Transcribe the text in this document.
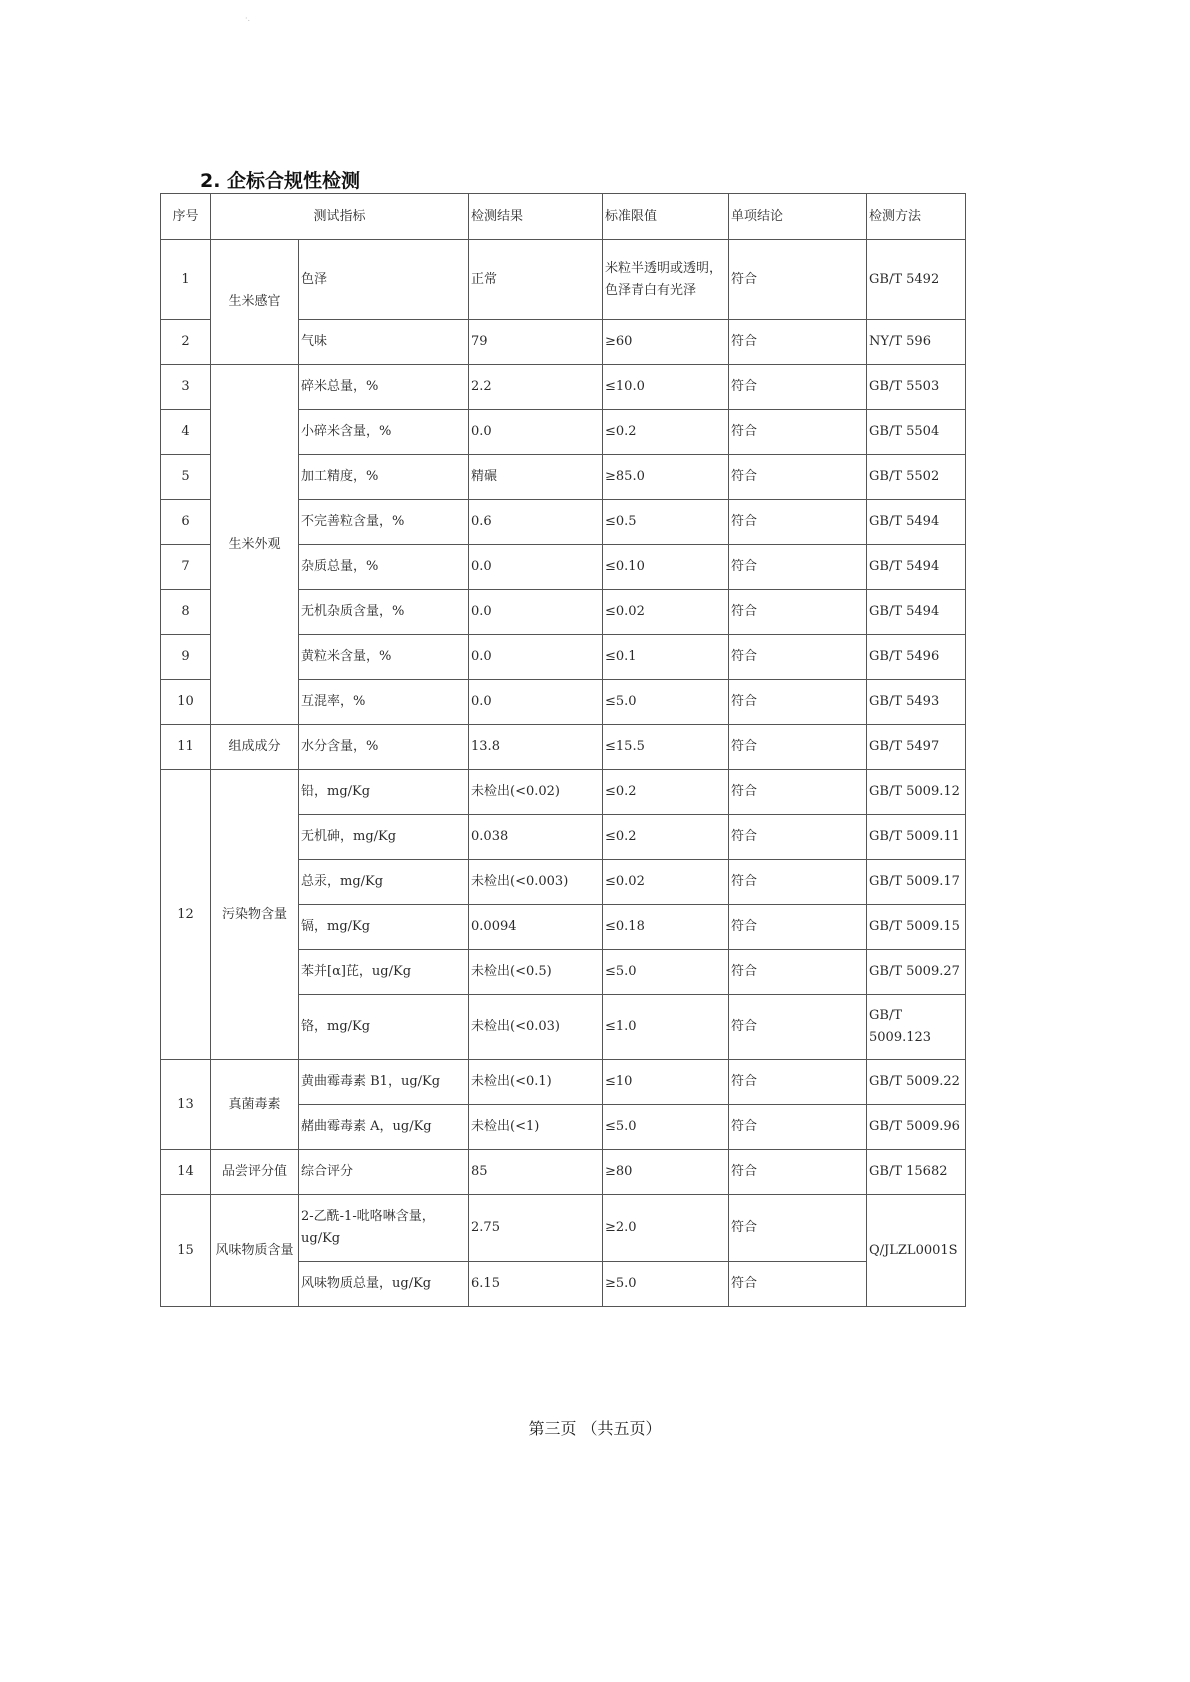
·.
2. 企标合规性检测
序号	测试指标		检测结果	标准限值	单项结论	检测方法
1	生米感官	色泽	正常	米粒半透明或透明，色泽青白有光泽	符合	GB/T 5492
2		气味	79	≥60	符合	NY/T 596
3	生米外观	碎米总量，%	2.2	≤10.0	符合	GB/T 5503
4		小碎米含量，%	0.0	≤0.2	符合	GB/T 5504
5		加工精度，%	精碾	≥85.0	符合	GB/T 5502
6		不完善粒含量，%	0.6	≤0.5	符合	GB/T 5494
7		杂质总量，%	0.0	≤0.10	符合	GB/T 5494
8		无机杂质含量，%	0.0	≤0.02	符合	GB/T 5494
9		黄粒米含量，%	0.0	≤0.1	符合	GB/T 5496
10		互混率，%	0.0	≤5.0	符合	GB/T 5493
11	组成成分	水分含量，%	13.8	≤15.5	符合	GB/T 5497
12	污染物含量	铅，mg/Kg	未检出(<0.02)	≤0.2	符合	GB/T 5009.12
		无机砷，mg/Kg	0.038	≤0.2	符合	GB/T 5009.11
		总汞，mg/Kg	未检出(<0.003)	≤0.02	符合	GB/T 5009.17
		镉，mg/Kg	0.0094	≤0.18	符合	GB/T 5009.15
		苯并[α]芘，ug/Kg	未检出(<0.5)	≤5.0	符合	GB/T 5009.27
		铬，mg/Kg	未检出(<0.03)	≤1.0	符合	GB/T 5009.123
13	真菌毒素	黄曲霉毒素 B1，ug/Kg	未检出(<0.1)	≤10	符合	GB/T 5009.22
		赭曲霉毒素 A，ug/Kg	未检出(<1)	≤5.0	符合	GB/T 5009.96
14	品尝评分值	综合评分	85	≥80	符合	GB/T 15682
15	风味物质含量	2-乙酰-1-吡咯啉含量，ug/Kg	2.75	≥2.0	符合	Q/JLZL0001S
		风味物质总量，ug/Kg	6.15	≥5.0	符合	
第三页 （共五页）
